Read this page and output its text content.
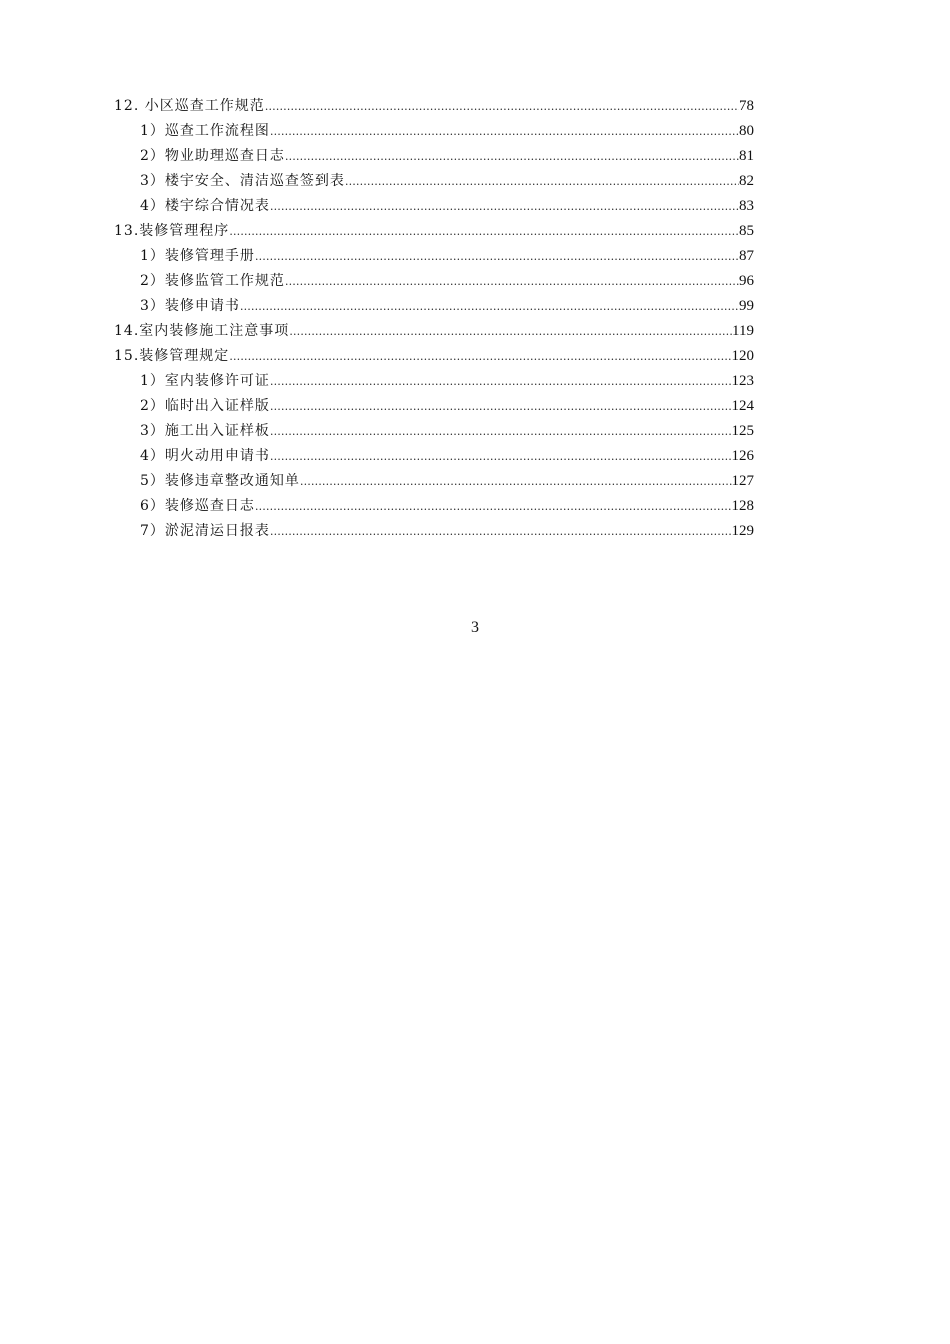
12. 小区巡查工作规范 ……………………………………………………………………………………………………………………………………………………………………………………………………	78
1）巡查工作流程图 ……………………………………………………………………………………………………………………………………………………………………………………………………	80
2）物业助理巡查日志 ……………………………………………………………………………………………………………………………………………………………………………………………………	81
3）楼宇安全、清洁巡查签到表 ……………………………………………………………………………………………………………………………………………………………………………………………………	82
4）楼宇综合情况表 ……………………………………………………………………………………………………………………………………………………………………………………………………	83
13.装修管理程序 ……………………………………………………………………………………………………………………………………………………………………………………………………	85
1）装修管理手册 ……………………………………………………………………………………………………………………………………………………………………………………………………	87
2）装修监管工作规范 ……………………………………………………………………………………………………………………………………………………………………………………………………	96
3）装修申请书 ……………………………………………………………………………………………………………………………………………………………………………………………………	99
14.室内装修施工注意事项 ……………………………………………………………………………………………………………………………………………………………………………………………………	119
15.装修管理规定 ……………………………………………………………………………………………………………………………………………………………………………………………………	120
1）室内装修许可证 ……………………………………………………………………………………………………………………………………………………………………………………………………	123
2）临时出入证样版 ……………………………………………………………………………………………………………………………………………………………………………………………………	124
3）施工出入证样板 ……………………………………………………………………………………………………………………………………………………………………………………………………	125
4）明火动用申请书 ……………………………………………………………………………………………………………………………………………………………………………………………………	126
5）装修违章整改通知单 ……………………………………………………………………………………………………………………………………………………………………………………………………	127
6）装修巡查日志 ……………………………………………………………………………………………………………………………………………………………………………………………………	128
7）淤泥清运日报表 ……………………………………………………………………………………………………………………………………………………………………………………………………	129
3
